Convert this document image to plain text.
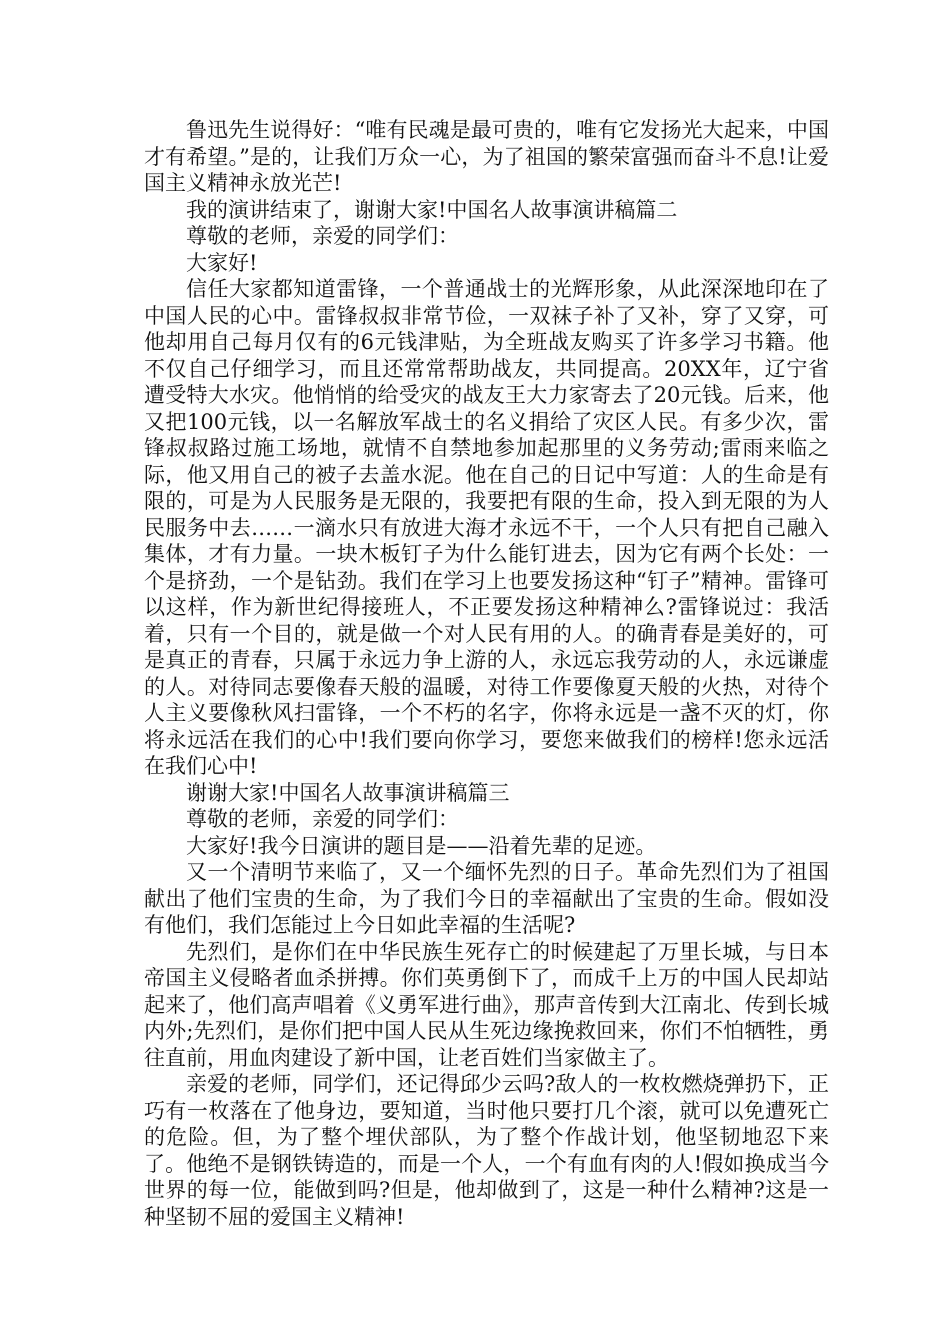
鲁迅先生说得好：“唯有民魂是最可贵的，唯有它发扬光大起来，中国才有希望。”是的，让我们万众一心，为了祖国的繁荣富强而奋斗不息!让爱国主义精神永放光芒!

我的演讲结束了，谢谢大家!中国名人故事演讲稿篇二

尊敬的老师，亲爱的同学们：

大家好!

信任大家都知道雷锋，一个普通战士的光辉形象，从此深深地印在了中国人民的心中。雷锋叔叔非常节俭，一双袜子补了又补，穿了又穿，可他却用自己每月仅有的6元钱津贴，为全班战友购买了许多学习书籍。他不仅自己仔细学习，而且还常常帮助战友，共同提高。20XX年，辽宁省遭受特大水灾。他悄悄的给受灾的战友王大力家寄去了20元钱。后来，他又把100元钱，以一名解放军战士的名义捐给了灾区人民。有多少次，雷锋叔叔路过施工场地，就情不自禁地参加起那里的义务劳动;雷雨来临之际，他又用自己的被子去盖水泥。他在自己的日记中写道：人的生命是有限的，可是为人民服务是无限的，我要把有限的生命，投入到无限的为人民服务中去……一滴水只有放进大海才永远不干，一个人只有把自己融入集体，才有力量。一块木板钉子为什么能钉进去，因为它有两个长处：一个是挤劲，一个是钻劲。我们在学习上也要发扬这种“钉子”精神。雷锋可以这样，作为新世纪得接班人，不正要发扬这种精神么?雷锋说过：我活着，只有一个目的，就是做一个对人民有用的人。的确青春是美好的，可是真正的青春，只属于永远力争上游的人，永远忘我劳动的人，永远谦虚的人。对待同志要像春天般的温暖，对待工作要像夏天般的火热，对待个人主义要像秋风扫雷锋，一个不朽的名字，你将永远是一盏不灭的灯，你将永远活在我们的心中!我们要向你学习，要您来做我们的榜样!您永远活在我们心中!

谢谢大家!中国名人故事演讲稿篇三

尊敬的老师，亲爱的同学们：

大家好!我今日演讲的题目是——沿着先辈的足迹。

又一个清明节来临了，又一个缅怀先烈的日子。革命先烈们为了祖国献出了他们宝贵的生命，为了我们今日的幸福献出了宝贵的生命。假如没有他们，我们怎能过上今日如此幸福的生活呢?

先烈们，是你们在中华民族生死存亡的时候建起了万里长城，与日本帝国主义侵略者血杀拼搏。你们英勇倒下了，而成千上万的中国人民却站起来了，他们高声唱着《义勇军进行曲》，那声音传到大江南北、传到长城内外;先烈们，是你们把中国人民从生死边缘挽救回来，你们不怕牺牲，勇往直前，用血肉建设了新中国，让老百姓们当家做主了。

亲爱的老师，同学们，还记得邱少云吗?敌人的一枚枚燃烧弹扔下，正巧有一枚落在了他身边，要知道，当时他只要打几个滚，就可以免遭死亡的危险。但，为了整个埋伏部队，为了整个作战计划，他坚韧地忍下来了。他绝不是钢铁铸造的，而是一个人，一个有血有肉的人!假如换成当今世界的每一位，能做到吗?但是，他却做到了，这是一种什么精神?这是一种坚韧不屈的爱国主义精神!
